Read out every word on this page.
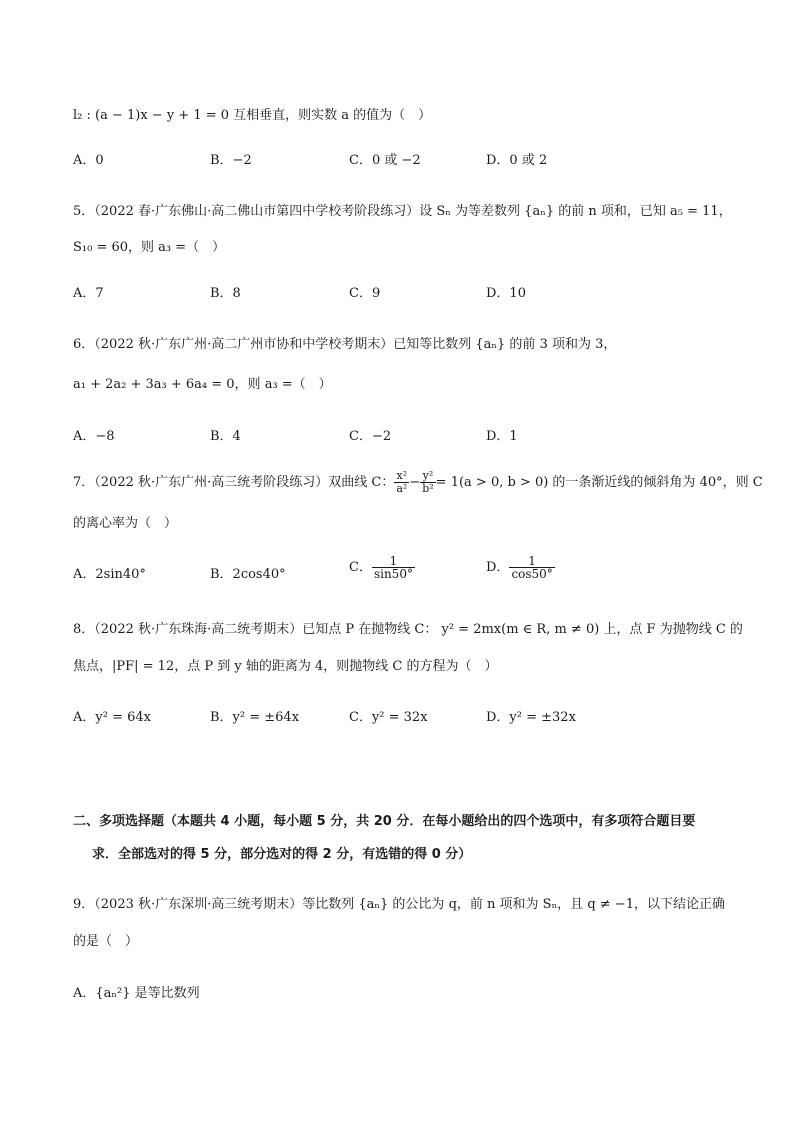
l₂ : (a − 1)x − y + 1 = 0 互相垂直，则实数 a 的值为（　）
A．0	B．−2	C．0 或 −2	D．0 或 2
5．（2022 春·广东佛山·高二佛山市第四中学校考阶段练习）设 Sₙ 为等差数列 {aₙ} 的前 n 项和，已知 a₅ = 11，
S₁₀ = 60，则 a₃ =（　）
A．7	B．8	C．9	D．10
6．（2022 秋·广东广州·高二广州市协和中学校考期末）已知等比数列 {aₙ} 的前 3 项和为 3，
a₁ + 2a₂ + 3a₃ + 6a₄ = 0，则 a₃ =（　）
A．−8	B．4	C．−2	D．1
7．（2022 秋·广东广州·高三统考阶段练习）双曲线 C： $\frac{\text{x²}}{\text{a²}} - \frac{\text{y²}}{\text{b²}} = 1(a > 0$, b > 0) 的一条渐近线的倾斜角为 40°，则 C
的离心率为（　）
A．2sin40°	B．2cos40°	C． $\frac{1}{\sin 50^\circ}$	D． $\frac{1}{\cos 50^\circ}$
8．（2022 秋·广东珠海·高二统考期末）已知点 P 在抛物线 C： y² = 2mx(m ∈ R, m ≠ 0) 上，点 F 为抛物线 C 的
焦点，|PF| = 12，点 P 到 y 轴的距离为 4，则抛物线 C 的方程为（　）
A．y² = 64x	B．y² = ±64x	C．y² = 32x	D．y² = ±32x
二、多项选择题（本题共 4 小题，每小题 5 分，共 20 分．在每小题给出的四个选项中，有多项符合题目要
求．全部选对的得 5 分，部分选对的得 2 分，有选错的得 0 分）
9．（2023 秋·广东深圳·高三统考期末）等比数列 {aₙ} 的公比为 q，前 n 项和为 Sₙ，且 q ≠ −1，以下结论正确
的是（　）
A．{aₙ²} 是等比数列
